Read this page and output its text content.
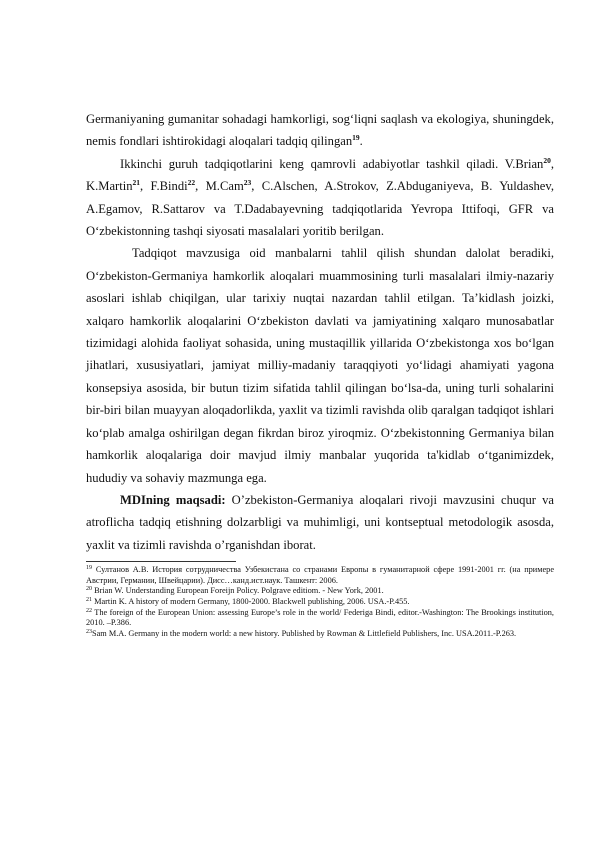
Germaniyaning gumanitar sohadagi hamkorligi, sog‘liqni saqlash va ekologiya, shuningdek, nemis fondlari ishtirokidagi aloqalari tadqiq qilingan$^{19}$.

Ikkinchi guruh tadqiqotlarini keng qamrovli adabiyotlar tashkil qiladi. V.Brian$^{20}$, K.Martin$^{21}$, F.Bindi$^{22}$, M.Cam$^{23}$, C.Alschen, A.Strokov, Z.Abduganiyeva, B. Yuldashev, A.Egamov, R.Sattarov va T.Dadabayevning tadqiqotlarida Yevropa Ittifoqi, GFR va O‘zbekistonning tashqi siyosati masalalari yoritib berilgan.

Tadqiqot mavzusiga oid manbalarni tahlil qilish shundan dalolat beradiki, O‘zbekiston-Germaniya hamkorlik aloqalari muammosining turli masalalari ilmiy-nazariy asoslari ishlab chiqilgan, ular tarixiy nuqtai nazardan tahlil etilgan. Ta’kidlash joizki, xalqaro hamkorlik aloqalarini O‘zbekiston davlati va jamiyatining xalqaro munosabatlar tizimidagi alohida faoliyat sohasida, uning mustaqillik yillarida O‘zbekistonga xos bo‘lgan jihatlari, xususiyatlari, jamiyat milliy-madaniy taraqqiyoti yo‘lidagi ahamiyati yagona konsepsiya asosida, bir butun tizim sifatida tahlil qilingan bo‘lsa-da, uning turli sohalarini bir-biri bilan muayyan aloqadorlikda, yaxlit va tizimli ravishda olib qaralgan tadqiqot ishlari ko‘plab amalga oshirilgan degan fikrdan biroz yiroqmiz. O‘zbekistonning Germaniya bilan hamkorlik aloqalariga doir mavjud ilmiy manbalar yuqorida ta'kidlab o‘tganimizdek, hududiy va sohaviy mazmunga ega.

MDIning maqsadi: O’zbekiston-Germaniya aloqalari rivoji mavzusini chuqur va atroflicha tadqiq etishning dolzarbligi va muhimligi, uni kontseptual metodologik asosda, yaxlit va tizimli ravishda o’rganishdan iborat.

$^{19}$ Султанов А.В. История сотрудничества Узбекистана со странами Европы в гуманитарной сфере 1991-2001 гг. (на примере Австрии, Германии, Швейцарии). Дисс…канд.ист.наук. Ташкент: 2006.

$^{20}$ Brian W. Understanding European Foreijn Policy. Polgrave editiom. - New York, 2001.

$^{21}$ Martin K. A history of modern Germany, 1800-2000. Blackwell publishing, 2006. USA.-P.455.

$^{22}$ The foreign of the European Union: assessing Europe’s role in the world/ Federiga Bindi, editor.-Washington: The Brookings institution, 2010. –P.386.

$^{23}$Sam M.A. Germany in the modern world: a new history. Published by Rowman & Littlefield Publishers, Inc. USA.2011.-P.263.
